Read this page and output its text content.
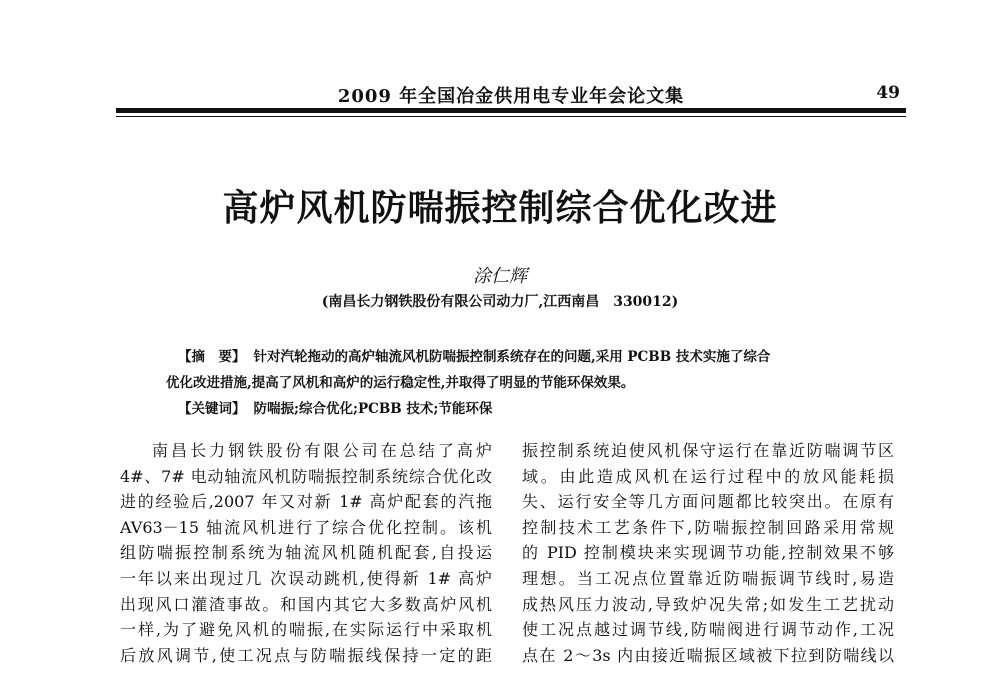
2009 年全国冶金供用电专业年会论文集	49
高炉风机防喘振控制综合优化改进
涂仁辉
(南昌长力钢铁股份有限公司动力厂,江西南昌　330012)
【摘　要】 针对汽轮拖动的高炉轴流风机防喘振控制系统存在的问题,采用 PCBB 技术实施了综合
优化改进措施,提高了风机和高炉的运行稳定性,并取得了明显的节能环保效果。
【关键词】 防喘振;综合优化;PCBB 技术;节能环保
南昌长力钢铁股份有限公司在总结了高炉
4#、7# 电动轴流风机防喘振控制系统综合优化改
进的经验后,2007 年又对新 1# 高炉配套的汽拖
AV63－15 轴流风机进行了综合优化控制。该机
组防喘振控制系统为轴流风机随机配套,自投运
一年以来出现过几 次误动跳机,使得新 1# 高炉
出现风口灌渣事故。和国内其它大多数高炉风机
一样,为了避免风机的喘振,在实际运行中采取机
后放风调节,使工况点与防喘振线保持一定的距
振控制系统迫使风机保守运行在靠近防喘调节区
域。由此造成风机在运行过程中的放风能耗损
失、运行安全等几方面问题都比较突出。在原有
控制技术工艺条件下,防喘振控制回路采用常规
的 PID 控制模块来实现调节功能,控制效果不够
理想。当工况点位置靠近防喘振调节线时,易造
成热风压力波动,导致炉况失常;如发生工艺扰动
使工况点越过调节线,防喘阀进行调节动作,工况
点在 2～3s 内由接近喘振区域被下拉到防喘线以
